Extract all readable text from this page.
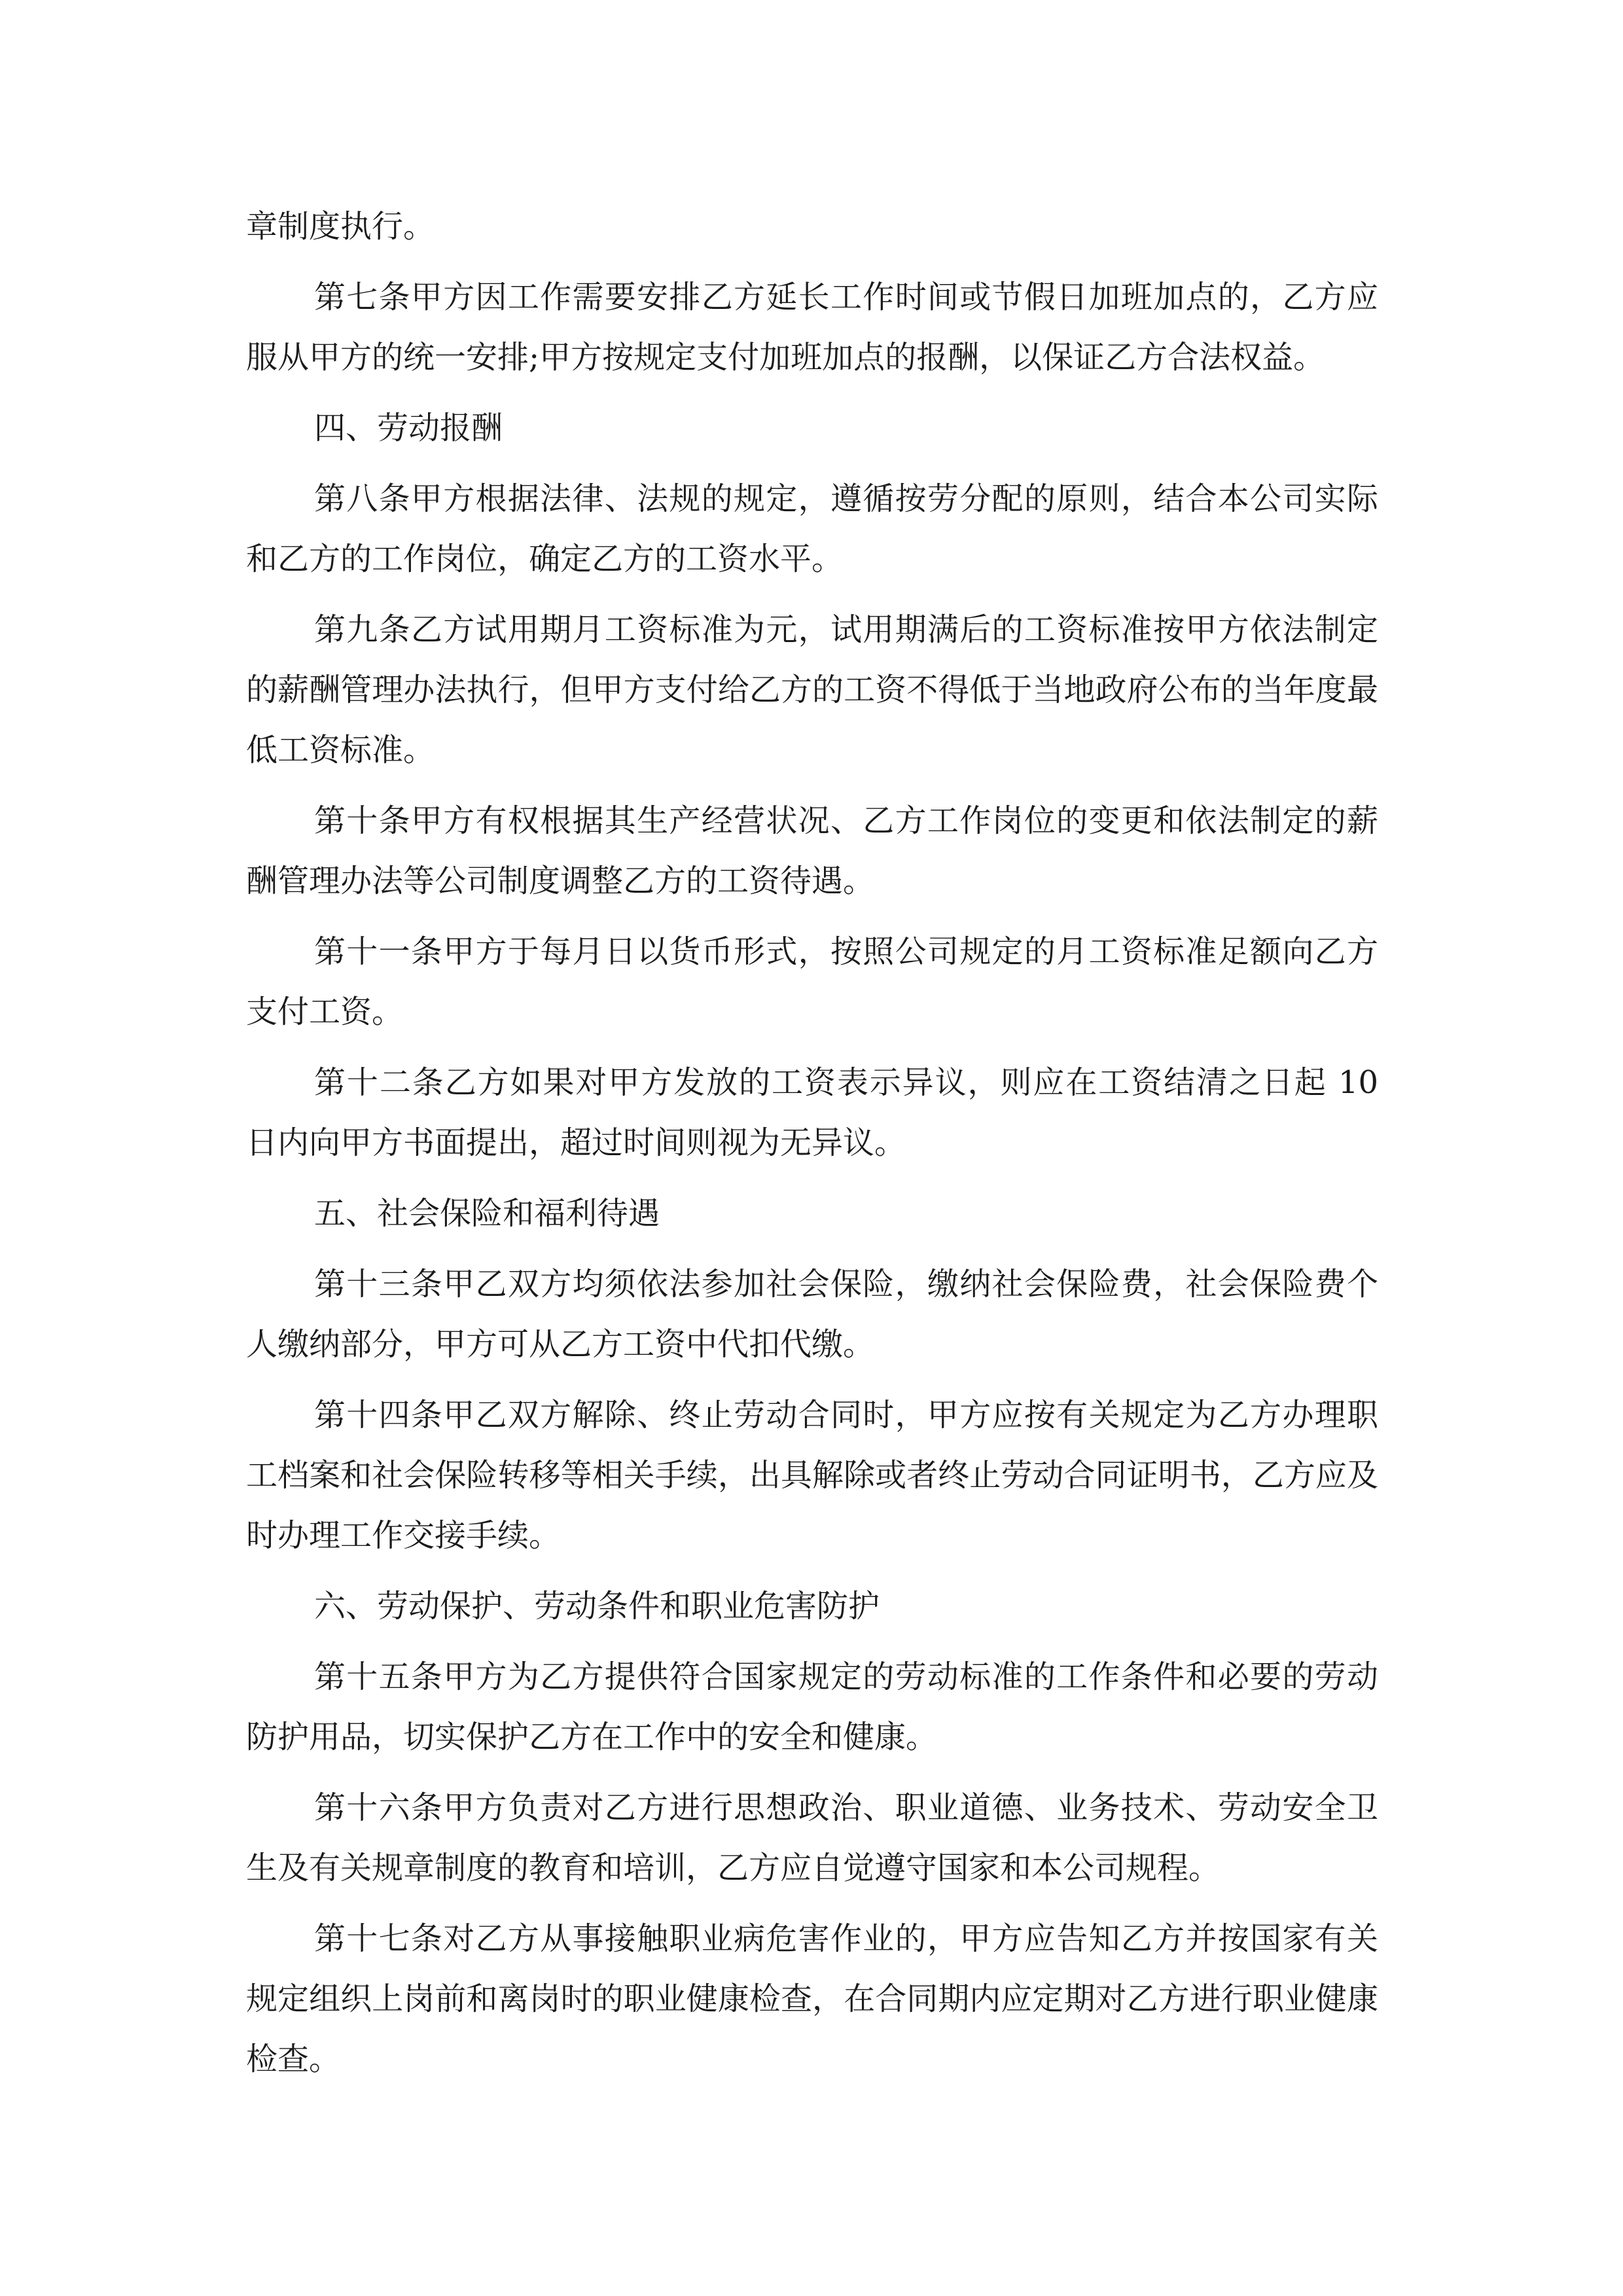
章制度执行。

第七条甲方因工作需要安排乙方延长工作时间或节假日加班加点的，乙方应服从甲方的统一安排;甲方按规定支付加班加点的报酬，以保证乙方合法权益。

四、劳动报酬

第八条甲方根据法律、法规的规定，遵循按劳分配的原则，结合本公司实际和乙方的工作岗位，确定乙方的工资水平。

第九条乙方试用期月工资标准为元，试用期满后的工资标准按甲方依法制定的薪酬管理办法执行，但甲方支付给乙方的工资不得低于当地政府公布的当年度最低工资标准。

第十条甲方有权根据其生产经营状况、乙方工作岗位的变更和依法制定的薪酬管理办法等公司制度调整乙方的工资待遇。

第十一条甲方于每月日以货币形式，按照公司规定的月工资标准足额向乙方支付工资。

第十二条乙方如果对甲方发放的工资表示异议，则应在工资结清之日起 10 日内向甲方书面提出，超过时间则视为无异议。

五、社会保险和福利待遇

第十三条甲乙双方均须依法参加社会保险，缴纳社会保险费，社会保险费个人缴纳部分，甲方可从乙方工资中代扣代缴。

第十四条甲乙双方解除、终止劳动合同时，甲方应按有关规定为乙方办理职工档案和社会保险转移等相关手续，出具解除或者终止劳动合同证明书，乙方应及时办理工作交接手续。

六、劳动保护、劳动条件和职业危害防护

第十五条甲方为乙方提供符合国家规定的劳动标准的工作条件和必要的劳动防护用品，切实保护乙方在工作中的安全和健康。

第十六条甲方负责对乙方进行思想政治、职业道德、业务技术、劳动安全卫生及有关规章制度的教育和培训，乙方应自觉遵守国家和本公司规程。

第十七条对乙方从事接触职业病危害作业的，甲方应告知乙方并按国家有关规定组织上岗前和离岗时的职业健康检查，在合同期内应定期对乙方进行职业健康检查。
